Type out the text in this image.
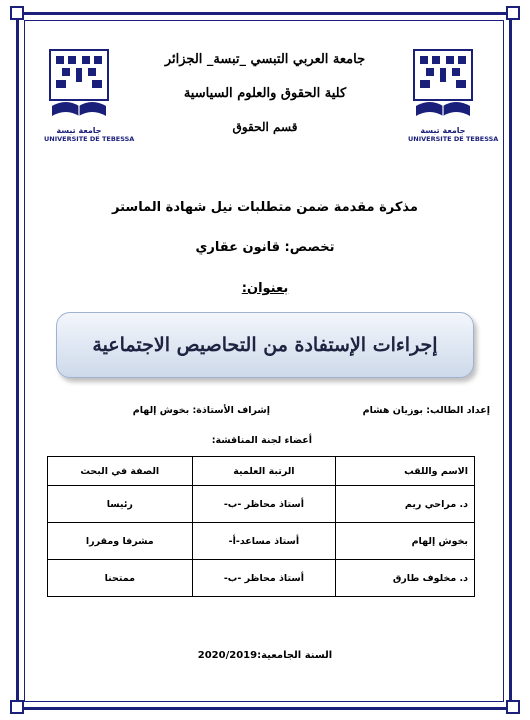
جامعة تبسة
UNIVERSITE DE TEBESSA
جامعة تبسة
UNIVERSITE DE TEBESSA
جامعة العربي التبسي _تبسة_ الجزائر
كلية الحقوق والعلوم السياسية
قسم الحقوق
مذكرة مقدمة ضمن متطلبات نيل شهادة الماستر
تخصص: قانون عقاري
بعنوان:
إجراءات الإستفادة من التحاصيص الاجتماعية
إعداد الطالب: بوزيان هشام
إشراف الأستاذة: بخوش إلهام
أعضاء لجنة المناقشة:
الاسم واللقب	الرتبة العلمية	الصفة في البحث
د. مراحي ريم	أستاذ محاظر -ب-	رئيسا
بخوش إلهام	أستاذ مساعد-أ-	مشرفا ومقررا
د. مخلوف طارق	أستاذ محاظر -ب-	ممتحنا
السنة الجامعية:2020/2019
